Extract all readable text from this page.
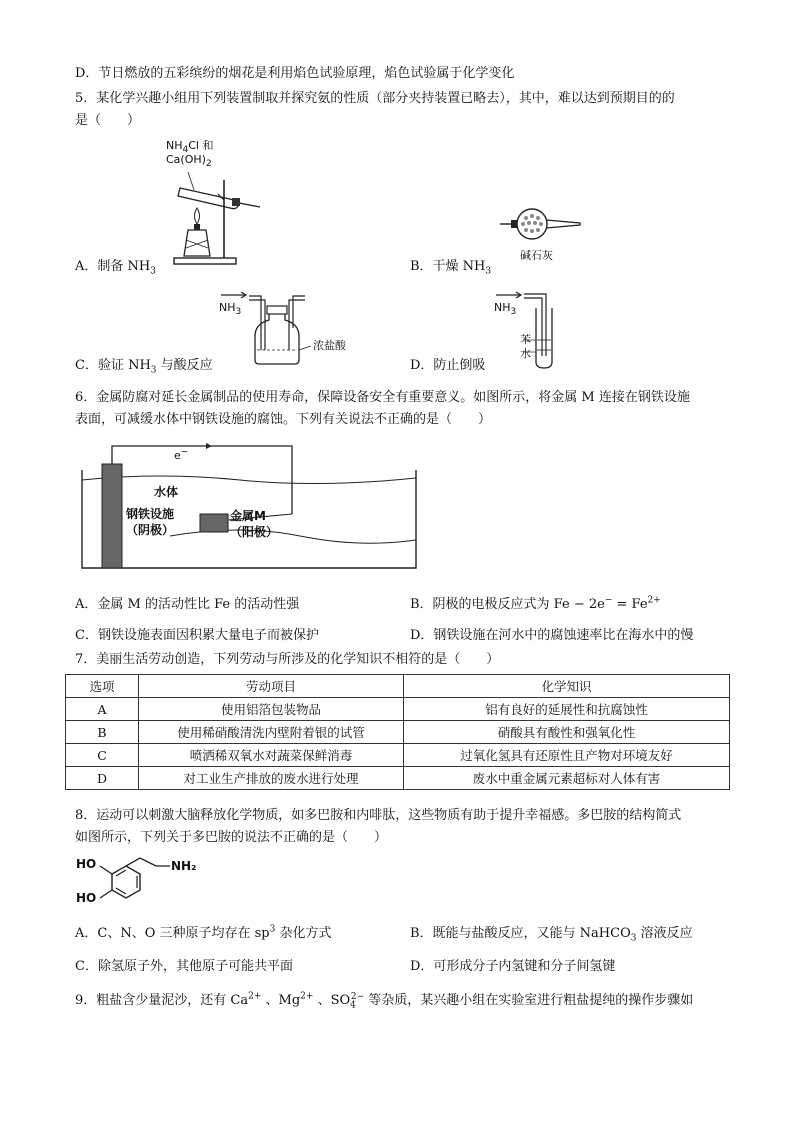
D．节日燃放的五彩缤纷的烟花是利用焰色试验原理，焰色试验属于化学变化
5．某化学兴趣小组用下列装置制取并探究氨的性质（部分夹持装置已略去），其中，难以达到预期目的的
是（　　）
$NH_4Cl$ 和
$Ca(OH)_2$
碱石灰
A．制备 $NH_3$	B．干燥 $NH_3$
$NH_3$
浓盐酸
$NH_3$
苯
水
C．验证 $NH_3$ 与酸反应	D．防止倒吸
6．金属防腐对延长金属制品的使用寿命，保障设备安全有重要意义。如图所示，将金属 M 连接在钢铁设施
表面，可减缓水体中钢铁设施的腐蚀。下列有关说法不正确的是（　　）
e−
水体
钢铁设施
（阴极）
金属M
（阳极）
A．金属 M 的活动性比 Fe 的活动性强	B．阴极的电极反应式为 $Fe - 2e^- = Fe^{2+}$
C．钢铁设施表面因积累大量电子而被保护	D．钢铁设施在河水中的腐蚀速率比在海水中的慢
7．美丽生活劳动创造，下列劳动与所涉及的化学知识不相符的是（　　）
选项	劳动项目	化学知识
A	使用铝箔包装物品	铝有良好的延展性和抗腐蚀性
B	使用稀硝酸清洗内壁附着银的试管	硝酸具有酸性和强氧化性
C	喷洒稀双氧水对蔬菜保鲜消毒	过氧化氢具有还原性且产物对环境友好
D	对工业生产排放的废水进行处理	废水中重金属元素超标对人体有害
8．运动可以刺激大脑释放化学物质，如多巴胺和内啡肽，这些物质有助于提升幸福感。多巴胺的结构简式
如图所示，下列关于多巴胺的说法不正确的是（　　）
HO
HO
NH₂
A．C、N、O 三种原子均存在 $sp^3$ 杂化方式	B．既能与盐酸反应，又能与 NaHCO$_3$ 溶液反应
C．除氢原子外，其他原子可能共平面	D．可形成分子内氢键和分子间氢键
9．粗盐含少量泥沙，还有 $Ca^{2+}$ 、$Mg^{2+}$ 、$SO_4^{2-}$ 等杂质，某兴趣小组在实验室进行粗盐提纯的操作步骤如
